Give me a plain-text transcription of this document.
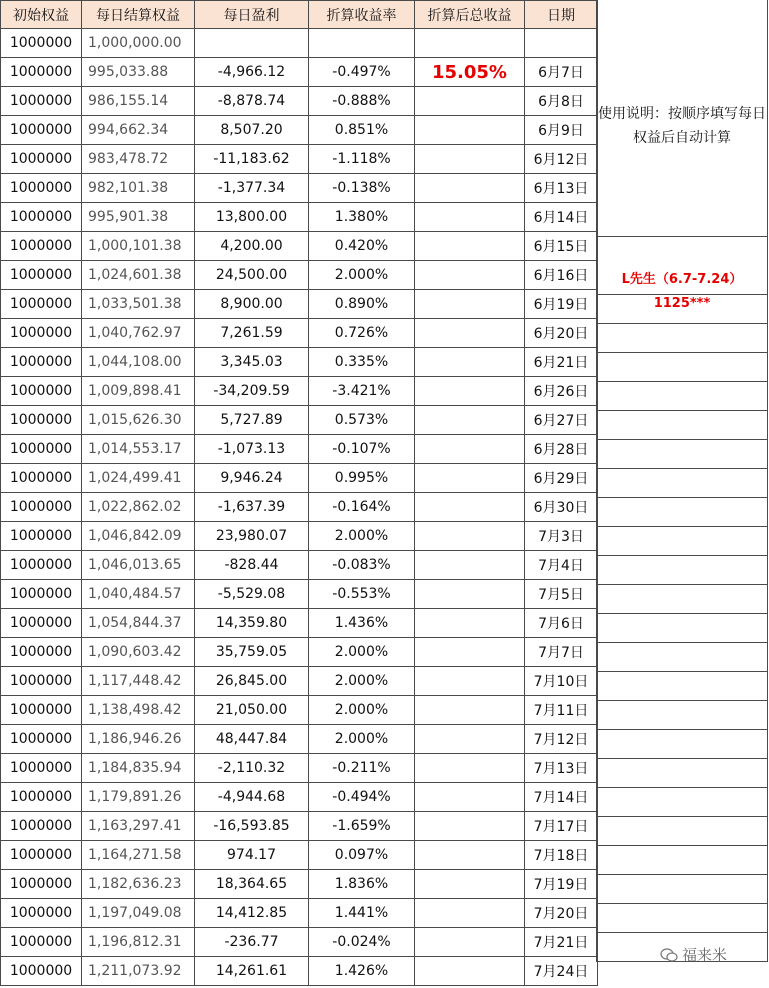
初始权益	每日结算权益	每日盈利	折算收益率	折算后总收益	日期
1000000	1,000,000.00				
1000000	995,033.88	-4,966.12	-0.497%	15.05%	6月7日
1000000	986,155.14	-8,878.74	-0.888%		6月8日
1000000	994,662.34	8,507.20	0.851%		6月9日
1000000	983,478.72	-11,183.62	-1.118%		6月12日
1000000	982,101.38	-1,377.34	-0.138%		6月13日
1000000	995,901.38	13,800.00	1.380%		6月14日
1000000	1,000,101.38	4,200.00	0.420%		6月15日
1000000	1,024,601.38	24,500.00	2.000%		6月16日
1000000	1,033,501.38	8,900.00	0.890%		6月19日
1000000	1,040,762.97	7,261.59	0.726%		6月20日
1000000	1,044,108.00	3,345.03	0.335%		6月21日
1000000	1,009,898.41	-34,209.59	-3.421%		6月26日
1000000	1,015,626.30	5,727.89	0.573%		6月27日
1000000	1,014,553.17	-1,073.13	-0.107%		6月28日
1000000	1,024,499.41	9,946.24	0.995%		6月29日
1000000	1,022,862.02	-1,637.39	-0.164%		6月30日
1000000	1,046,842.09	23,980.07	2.000%		7月3日
1000000	1,046,013.65	-828.44	-0.083%		7月4日
1000000	1,040,484.57	-5,529.08	-0.553%		7月5日
1000000	1,054,844.37	14,359.80	1.436%		7月6日
1000000	1,090,603.42	35,759.05	2.000%		7月7日
1000000	1,117,448.42	26,845.00	2.000%		7月10日
1000000	1,138,498.42	21,050.00	2.000%		7月11日
1000000	1,186,946.26	48,447.84	2.000%		7月12日
1000000	1,184,835.94	-2,110.32	-0.211%		7月13日
1000000	1,179,891.26	-4,944.68	-0.494%		7月14日
1000000	1,163,297.41	-16,593.85	-1.659%		7月17日
1000000	1,164,271.58	974.17	0.097%		7月18日
1000000	1,182,636.23	18,364.65	1.836%		7月19日
1000000	1,197,049.08	14,412.85	1.441%		7月20日
1000000	1,196,812.31	-236.77	-0.024%		7月21日
1000000	1,211,073.92	14,261.61	1.426%		7月24日
使用说明：按顺序填写每日权益后自动计算
L先生（6.7-7.24）
1125***
福来米
